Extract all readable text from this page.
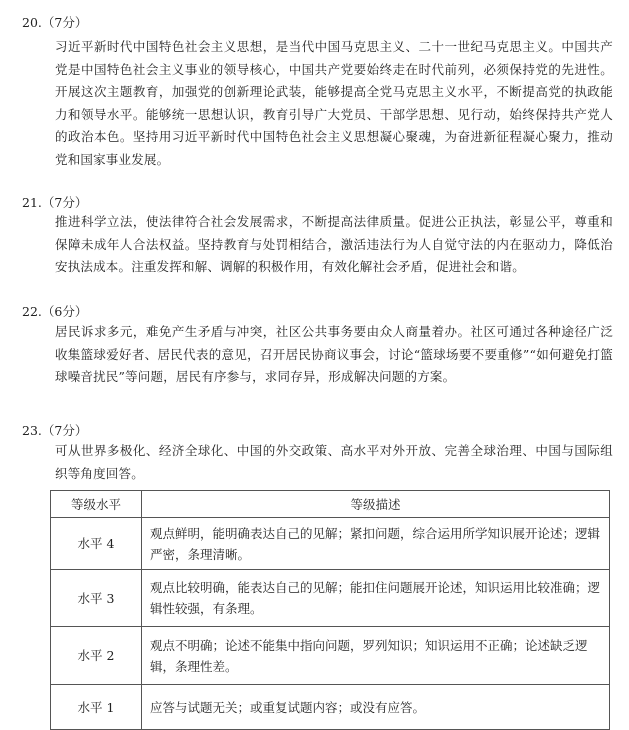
20.（7分）
习近平新时代中国特色社会主义思想，是当代中国马克思主义、二十一世纪马克思主义。中国共产党是中国特色社会主义事业的领导核心，中国共产党要始终走在时代前列，必须保持党的先进性。开展这次主题教育，加强党的创新理论武装，能够提高全党马克思主义水平，不断提高党的执政能力和领导水平。能够统一思想认识，教育引导广大党员、干部学思想、见行动，始终保持共产党人的政治本色。坚持用习近平新时代中国特色社会主义思想凝心聚魂，为奋进新征程凝心聚力，推动党和国家事业发展。
21.（7分）
推进科学立法，使法律符合社会发展需求，不断提高法律质量。促进公正执法，彰显公平，尊重和保障未成年人合法权益。坚持教育与处罚相结合，激活违法行为人自觉守法的内在驱动力，降低治安执法成本。注重发挥和解、调解的积极作用，有效化解社会矛盾，促进社会和谐。
22.（6分）
居民诉求多元，难免产生矛盾与冲突，社区公共事务要由众人商量着办。社区可通过各种途径广泛收集篮球爱好者、居民代表的意见，召开居民协商议事会，讨论“篮球场要不要重修”“如何避免打篮球噪音扰民”等问题，居民有序参与，求同存异，形成解决问题的方案。
23.（7分）
可从世界多极化、经济全球化、中国的外交政策、高水平对外开放、完善全球治理、中国与国际组织等角度回答。
等级水平	等级描述
水平 4	观点鲜明，能明确表达自己的见解；紧扣问题，综合运用所学知识展开论述；逻辑严密，条理清晰。
水平 3	观点比较明确，能表达自己的见解；能扣住问题展开论述，知识运用比较准确；逻辑性较强，有条理。
水平 2	观点不明确；论述不能集中指向问题，罗列知识；知识运用不正确；论述缺乏逻辑，条理性差。
水平 1	应答与试题无关；或重复试题内容；或没有应答。
